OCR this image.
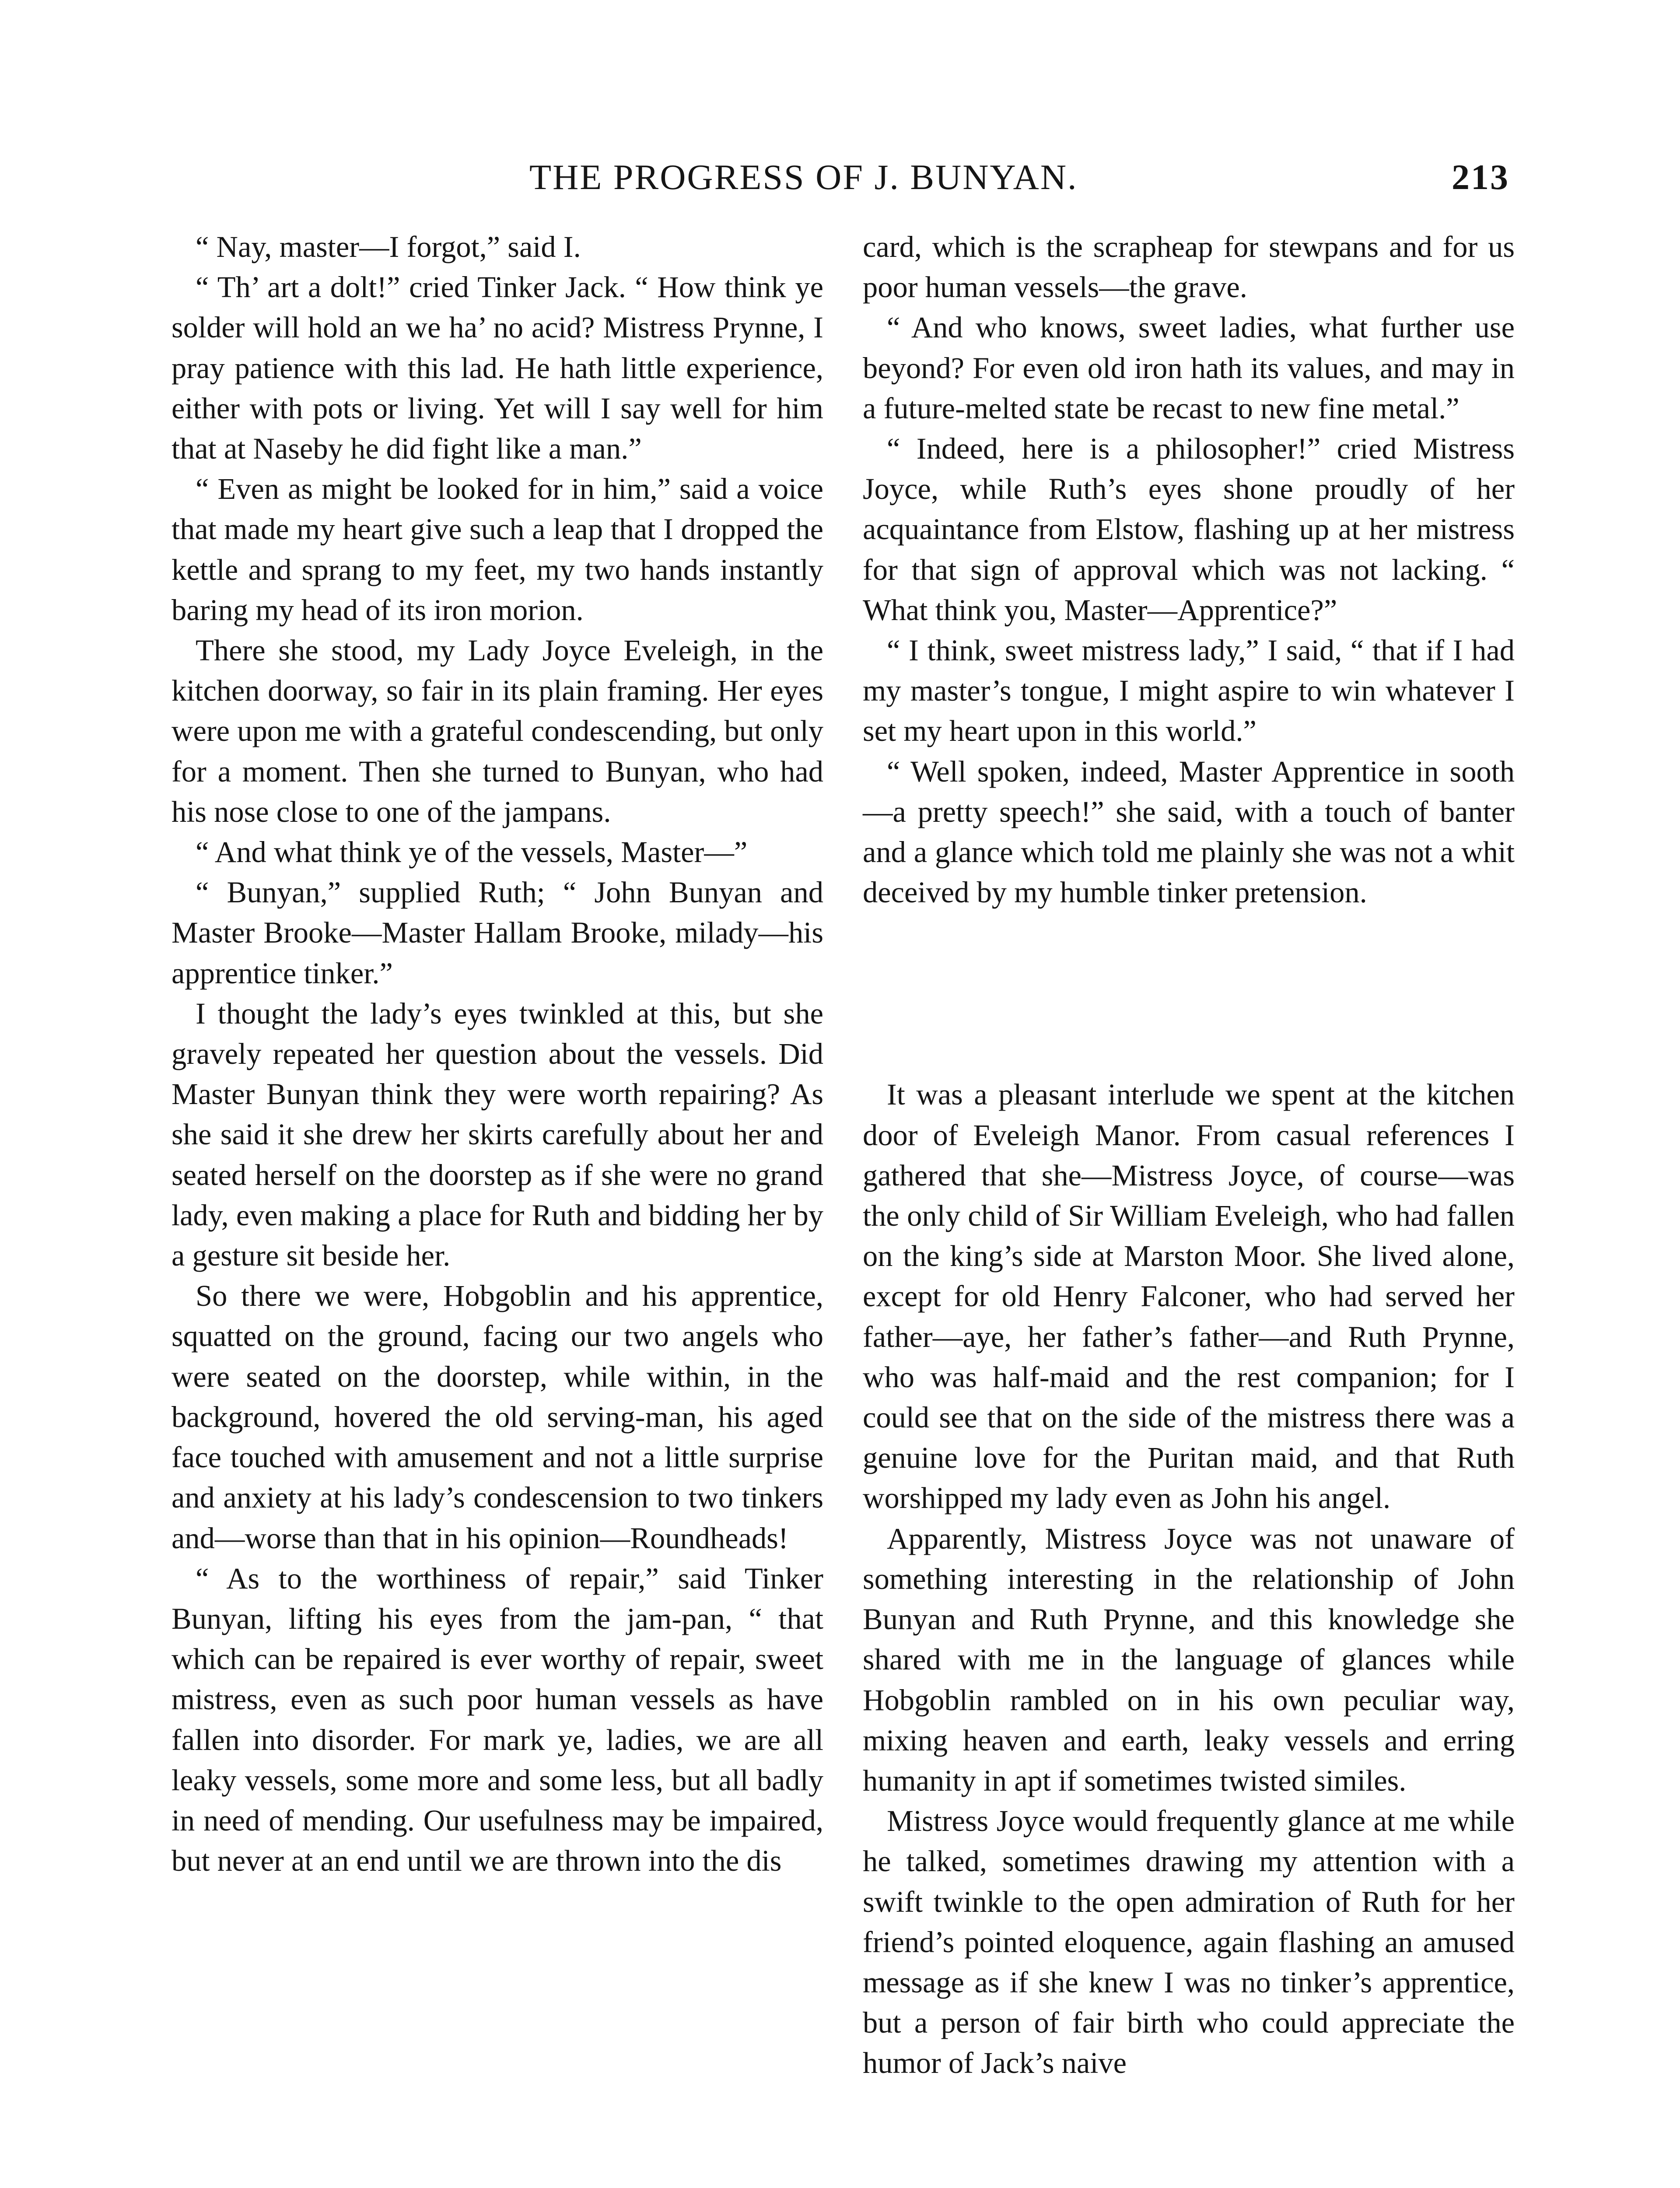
THE PROGRESS OF J. BUNYAN.	213

“ Nay, master—I forgot,” said I.

“ Th’ art a dolt!” cried Tinker Jack. “ How think ye solder will hold an we ha’ no acid? Mistress Prynne, I pray patience with this lad. He hath little experience, either with pots or living. Yet will I say well for him that at Naseby he did fight like a man.”

“ Even as might be looked for in him,” said a voice that made my heart give such a leap that I dropped the kettle and sprang to my feet, my two hands instantly baring my head of its iron morion.

There she stood, my Lady Joyce Eveleigh, in the kitchen doorway, so fair in its plain framing. Her eyes were upon me with a grateful condescending, but only for a moment. Then she turned to Bunyan, who had his nose close to one of the jampans.

“ And what think ye of the vessels, Master—”

“ Bunyan,” supplied Ruth; “ John Bunyan and Master Brooke—Master Hallam Brooke, milady—his apprentice tinker.”

I thought the lady’s eyes twinkled at this, but she gravely repeated her question about the vessels. Did Master Bunyan think they were worth repairing? As she said it she drew her skirts carefully about her and seated herself on the doorstep as if she were no grand lady, even making a place for Ruth and bidding her by a gesture sit beside her.

So there we were, Hobgoblin and his apprentice, squatted on the ground, facing our two angels who were seated on the doorstep, while within, in the background, hovered the old serving-man, his aged face touched with amusement and not a little surprise and anxiety at his lady’s condescension to two tinkers and—worse than that in his opinion—Roundheads!

“ As to the worthiness of repair,” said Tinker Bunyan, lifting his eyes from the jam-pan, “ that which can be repaired is ever worthy of repair, sweet mistress, even as such poor human vessels as have fallen into disorder. For mark ye, ladies, we are all leaky vessels, some more and some less, but all badly in need of mending. Our usefulness may be impaired, but never at an end until we are thrown into the dis

card, which is the scrapheap for stewpans and for us poor human vessels—the grave.

“ And who knows, sweet ladies, what further use beyond? For even old iron hath its values, and may in a future-melted state be recast to new fine metal.”

“ Indeed, here is a philosopher!” cried Mistress Joyce, while Ruth’s eyes shone proudly of her acquaintance from Elstow, flashing up at her mistress for that sign of approval which was not lacking. “ What think you, Master—Apprentice?”

“ I think, sweet mistress lady,” I said, “ that if I had my master’s tongue, I might aspire to win whatever I set my heart upon in this world.”

“ Well spoken, indeed, Master Apprentice in sooth—a pretty speech!” she said, with a touch of banter and a glance which told me plainly she was not a whit deceived by my humble tinker pretension.

It was a pleasant interlude we spent at the kitchen door of Eveleigh Manor. From casual references I gathered that she—Mistress Joyce, of course—was the only child of Sir William Eveleigh, who had fallen on the king’s side at Marston Moor. She lived alone, except for old Henry Falconer, who had served her father—aye, her father’s father—and Ruth Prynne, who was half-maid and the rest companion; for I could see that on the side of the mistress there was a genuine love for the Puritan maid, and that Ruth worshipped my lady even as John his angel.

Apparently, Mistress Joyce was not unaware of something interesting in the relationship of John Bunyan and Ruth Prynne, and this knowledge she shared with me in the language of glances while Hobgoblin rambled on in his own peculiar way, mixing heaven and earth, leaky vessels and erring humanity in apt if sometimes twisted similes.

Mistress Joyce would frequently glance at me while he talked, sometimes drawing my attention with a swift twinkle to the open admiration of Ruth for her friend’s pointed eloquence, again flashing an amused message as if she knew I was no tinker’s apprentice, but a person of fair birth who could appreciate the humor of Jack’s naive
